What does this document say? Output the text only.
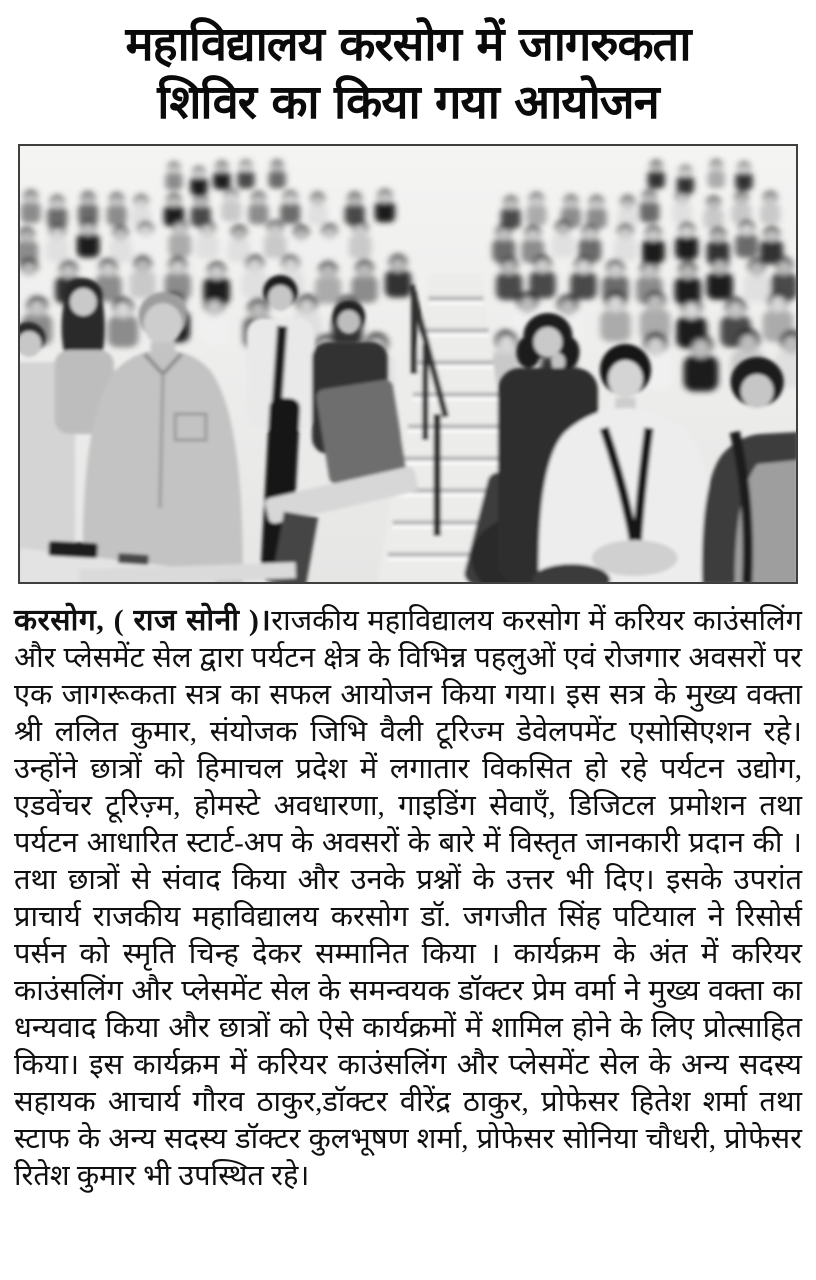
महाविद्यालय करसोग में जागरुकता
शिविर का किया गया आयोजन

करसोग, ( राज सोनी )।राजकीय महाविद्यालय करसोग में करियर काउंसलिंग और प्लेसमेंट सेल द्वारा पर्यटन क्षेत्र के विभिन्न पहलुओं एवं रोजगार अवसरों पर एक जागरूकता सत्र का सफल आयोजन किया गया। इस सत्र के मुख्य वक्ता श्री ललित कुमार, संयोजक जिभि वैली टूरिज्म डेवेलपमेंट एसोसिएशन रहे। उन्होंने छात्रों को हिमाचल प्रदेश में लगातार विकसित हो रहे पर्यटन उद्योग, एडवेंचर टूरिज़्म, होमस्टे अवधारणा, गाइडिंग सेवाएँ, डिजिटल प्रमोशन तथा पर्यटन आधारित स्टार्ट-अप के अवसरों के बारे में विस्तृत जानकारी प्रदान की ।तथा छात्रों से संवाद किया और उनके प्रश्नों के उत्तर भी दिए। इसके उपरांत प्राचार्य राजकीय महाविद्यालय करसोग डॉ. जगजीत सिंह पटियाल ने रिसोर्स पर्सन को स्मृति चिन्ह देकर सम्मानित किया । कार्यक्रम के अंत में करियर काउंसलिंग और प्लेसमेंट सेल के समन्वयक डॉक्टर प्रेम वर्मा ने मुख्य वक्ता का धन्यवाद किया और छात्रों को ऐसे कार्यक्रमों में शामिल होने के लिए प्रोत्साहित किया। इस कार्यक्रम में करियर काउंसलिंग और प्लेसमेंट सेल के अन्य सदस्य सहायक आचार्य गौरव ठाकुर,डॉक्टर वीरेंद्र ठाकुर, प्रोफेसर हितेश शर्मा तथा स्टाफ के अन्य सदस्य डॉक्टर कुलभूषण शर्मा, प्रोफेसर सोनिया चौधरी, प्रोफेसर रितेश कुमार भी उपस्थित रहे।
